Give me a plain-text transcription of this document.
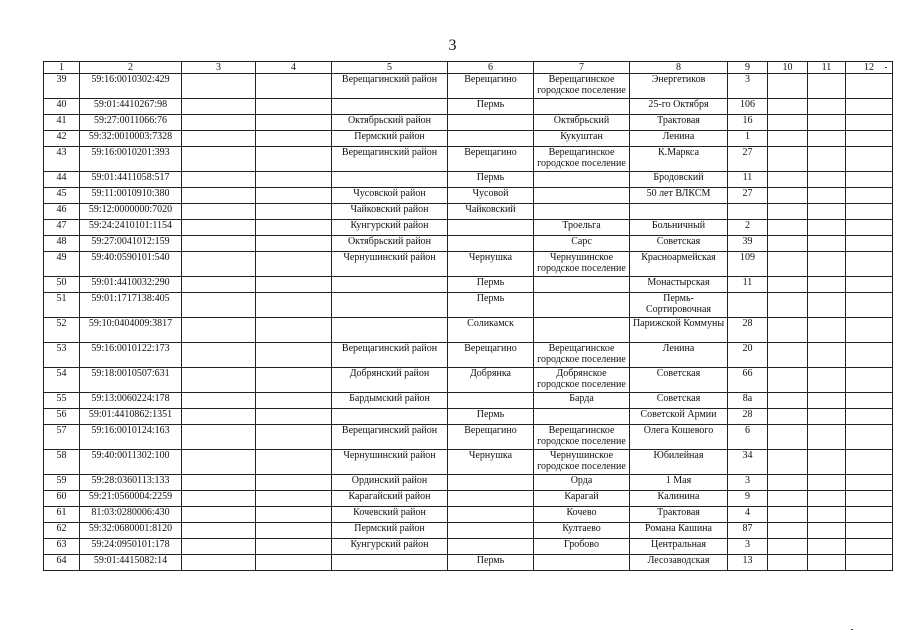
3
1	2	3	4	5	6	7	8	9	10	11	12
39	59:16:0010302:429			Верещагинский район	Верещагино	Верещагинское городское поселение	Энергетиков	3			
40	59:01:4410267:98				Пермь		25-го Октября	106			
41	59:27:0011066:76			Октябрьский район		Октябрьский	Трактовая	16			
42	59:32:0010003:7328			Пермский район		Кукуштан	Ленина	1			
43	59:16:0010201:393			Верещагинский район	Верещагино	Верещагинское городское поселение	К.Маркса	27			
44	59:01:4411058:517				Пермь		Бродовский	11			
45	59:11:0010910:380			Чусовской район	Чусовой		50 лет ВЛКСМ	27			
46	59:12:0000000:7020			Чайковский район	Чайковский						
47	59:24:2410101:1154			Кунгурский район		Троельга	Больничный	2			
48	59:27:0041012:159			Октябрьский район		Сарс	Советская	39			
49	59:40:0590101:540			Чернушинский район	Чернушка	Чернушинское городское поселение	Красноармейская	109			
50	59:01:4410032:290				Пермь		Монастырская	11			
51	59:01:1717138:405				Пермь		Пермь-Сортировочная				
52	59:10:0404009:3817				Соликамск		Парижской Коммуны	28			
53	59:16:0010122:173			Верещагинский район	Верещагино	Верещагинское городское поселение	Ленина	20			
54	59:18:0010507:631			Добрянский район	Добрянка	Добрянское городское поселение	Советская	66			
55	59:13:0060224:178			Бардымский район		Барда	Советская	8а			
56	59:01:4410862:1351				Пермь		Советской Армии	28			
57	59:16:0010124:163			Верещагинский район	Верещагино	Верещагинское городское поселение	Олега Кошевого	6			
58	59:40:0011302:100			Чернушинский район	Чернушка	Чернушинское городское поселение	Юбилейная	34			
59	59:28:0360113:133			Ординский район		Орда	1 Мая	3			
60	59:21:0560004:2259			Карагайский район		Карагай	Калинина	9			
61	81:03:0280006:430			Кочевский район		Кочево	Трактовая	4			
62	59:32:0680001:8120			Пермский район		Култаево	Романа Кашина	87			
63	59:24:0950101:178			Кунгурский район		Гробово	Центральная	3			
64	59:01:4415082:14				Пермь		Лесозаводская	13			
